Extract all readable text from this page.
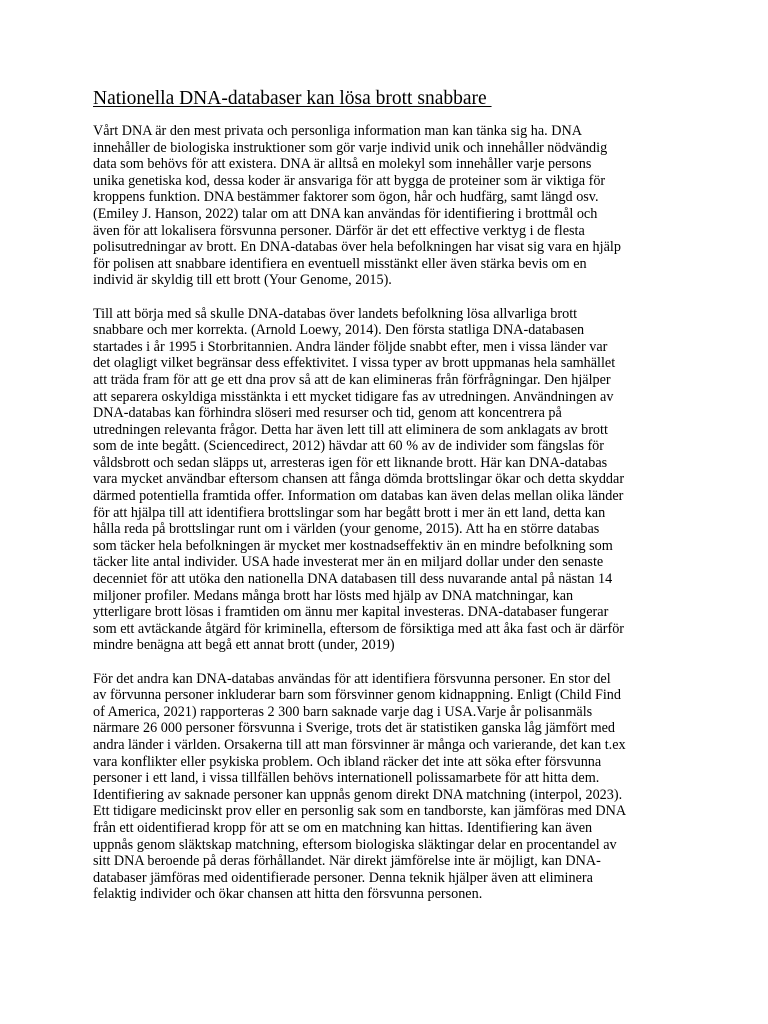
Nationella DNA-databaser kan lösa brott snabbare

Vårt DNA är den mest privata och personliga information man kan tänka sig ha. DNA
innehåller de biologiska instruktioner som gör varje individ unik och innehåller nödvändig
data som behövs för att existera. DNA är alltså en molekyl som innehåller varje persons
unika genetiska kod, dessa koder är ansvariga för att bygga de proteiner som är viktiga för
kroppens funktion. DNA bestämmer faktorer som ögon, hår och hudfärg, samt längd osv.
(Emiley J. Hanson, 2022) talar om att DNA kan användas för identifiering i brottmål och
även för att lokalisera försvunna personer. Därför är det ett effective verktyg i de flesta
polisutredningar av brott. En DNA-databas över hela befolkningen har visat sig vara en hjälp
för polisen att snabbare identifiera en eventuell misstänkt eller även stärka bevis om en
individ är skyldig till ett brott (Your Genome, 2015).

Till att börja med så skulle DNA-databas över landets befolkning lösa allvarliga brott
snabbare och mer korrekta. (Arnold Loewy, 2014). Den första statliga DNA-databasen
startades i år 1995 i Storbritannien. Andra länder följde snabbt efter, men i vissa länder var
det olagligt vilket begränsar dess effektivitet. I vissa typer av brott uppmanas hela samhället
att träda fram för att ge ett dna prov så att de kan elimineras från förfrågningar. Den hjälper
att separera oskyldiga misstänkta i ett mycket tidigare fas av utredningen. Användningen av
DNA-databas kan förhindra slöseri med resurser och tid, genom att koncentrera på
utredningen relevanta frågor. Detta har även lett till att eliminera de som anklagats av brott
som de inte begått. (Sciencedirect, 2012) hävdar att 60 % av de individer som fängslas för
våldsbrott och sedan släpps ut, arresteras igen för ett liknande brott. Här kan DNA-databas
vara mycket användbar eftersom chansen att fånga dömda brottslingar ökar och detta skyddar
därmed potentiella framtida offer. Information om databas kan även delas mellan olika länder
för att hjälpa till att identifiera brottslingar som har begått brott i mer än ett land, detta kan
hålla reda på brottslingar runt om i världen (your genome, 2015). Att ha en större databas
som täcker hela befolkningen är mycket mer kostnadseffektiv än en mindre befolkning som
täcker lite antal individer. USA hade investerat mer än en miljard dollar under den senaste
decenniet för att utöka den nationella DNA databasen till dess nuvarande antal på nästan 14
miljoner profiler. Medans många brott har lösts med hjälp av DNA matchningar, kan
ytterligare brott lösas i framtiden om ännu mer kapital investeras. DNA-databaser fungerar
som ett avtäckande åtgärd för kriminella, eftersom de försiktiga med att åka fast och är därför
mindre benägna att begå ett annat brott (under, 2019)

För det andra kan DNA-databas användas för att identifiera försvunna personer. En stor del
av förvunna personer inkluderar barn som försvinner genom kidnappning. Enligt (Child Find
of America, 2021) rapporteras 2 300 barn saknade varje dag i USA.Varje år polisanmäls
närmare 26 000 personer försvunna i Sverige, trots det är statistiken ganska låg jämfört med
andra länder i världen. Orsakerna till att man försvinner är många och varierande, det kan t.ex
vara konflikter eller psykiska problem. Och ibland räcker det inte att söka efter försvunna
personer i ett land, i vissa tillfällen behövs internationell polissamarbete för att hitta dem.
Identifiering av saknade personer kan uppnås genom direkt DNA matchning (interpol, 2023).
Ett tidigare medicinskt prov eller en personlig sak som en tandborste, kan jämföras med DNA
från ett oidentifierad kropp för att se om en matchning kan hittas. Identifiering kan även
uppnås genom släktskap matchning, eftersom biologiska släktingar delar en procentandel av
sitt DNA beroende på deras förhållandet. När direkt jämförelse inte är möjligt, kan DNA-
databaser jämföras med oidentifierade personer. Denna teknik hjälper även att eliminera
felaktig individer och ökar chansen att hitta den försvunna personen.
